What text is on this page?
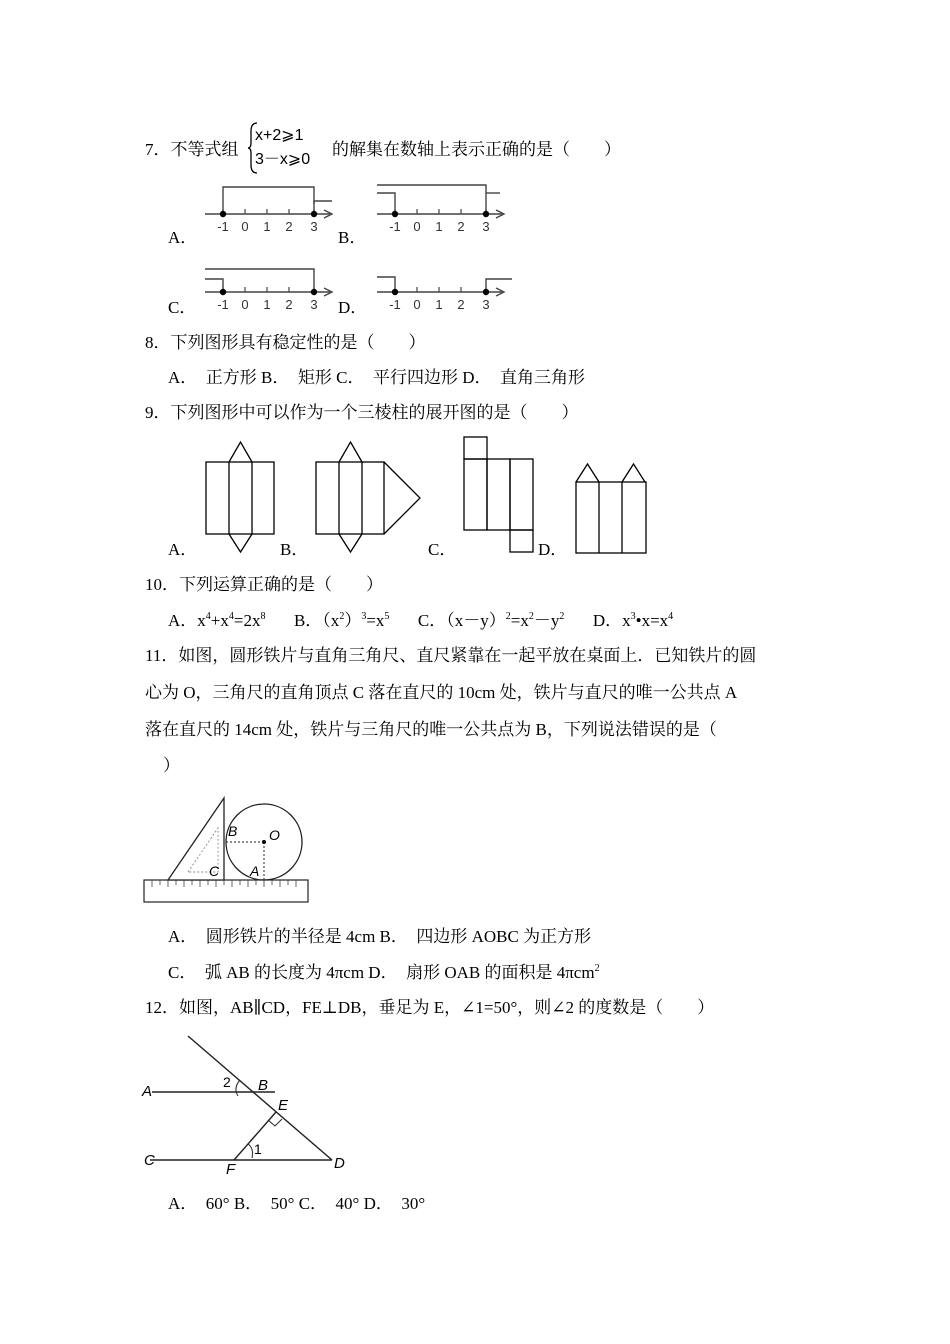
7．不等式组
x+2⩾1
3－x⩾0
的解集在数轴上表示正确的是（　　）
A．
-1 0 1 2 3
B．
-1 0 1 2 3
C． -1 0 1 2 3 D． -1 0 1 2 3
8．下列图形具有稳定性的是（　　）
A．　正方形 B．　矩形 C．　平行四边形 D．　直角三角形
9．下列图形中可以作为一个三棱柱的展开图的是（　　）
A．	B．	C．	D．
10．下列运算正确的是（　　）
A．$x^4+x^4=2x^8$ B．$(x^2)^3=x^5$ C．$(x-y)^2=x^2-y^2$ D．$x^3•x=x^4$
11．如图，圆形铁片与直角三角尺、直尺紧靠在一起平放在桌面上．已知铁片的圆
心为 O，三角尺的直角顶点 C 落在直尺的 10cm 处，铁片与直尺的唯一公共点 A
落在直尺的 14cm 处，铁片与三角尺的唯一公共点为 B，下列说法错误的是（
）
B O
C A
A．　圆形铁片的半径是 4cm B．　四边形 AOBC 为正方形
C．　弧 AB 的长度为 4πcm D．　扇形 OAB 的面积是 4πcm$^2$
12．如图，AB∥CD，FE⊥DB，垂足为 E，∠1=50°，则∠2 的度数是（　　）
A	B
C	D
E
F
2
1
A．　60° B．　50° C．　40° D．　30°
